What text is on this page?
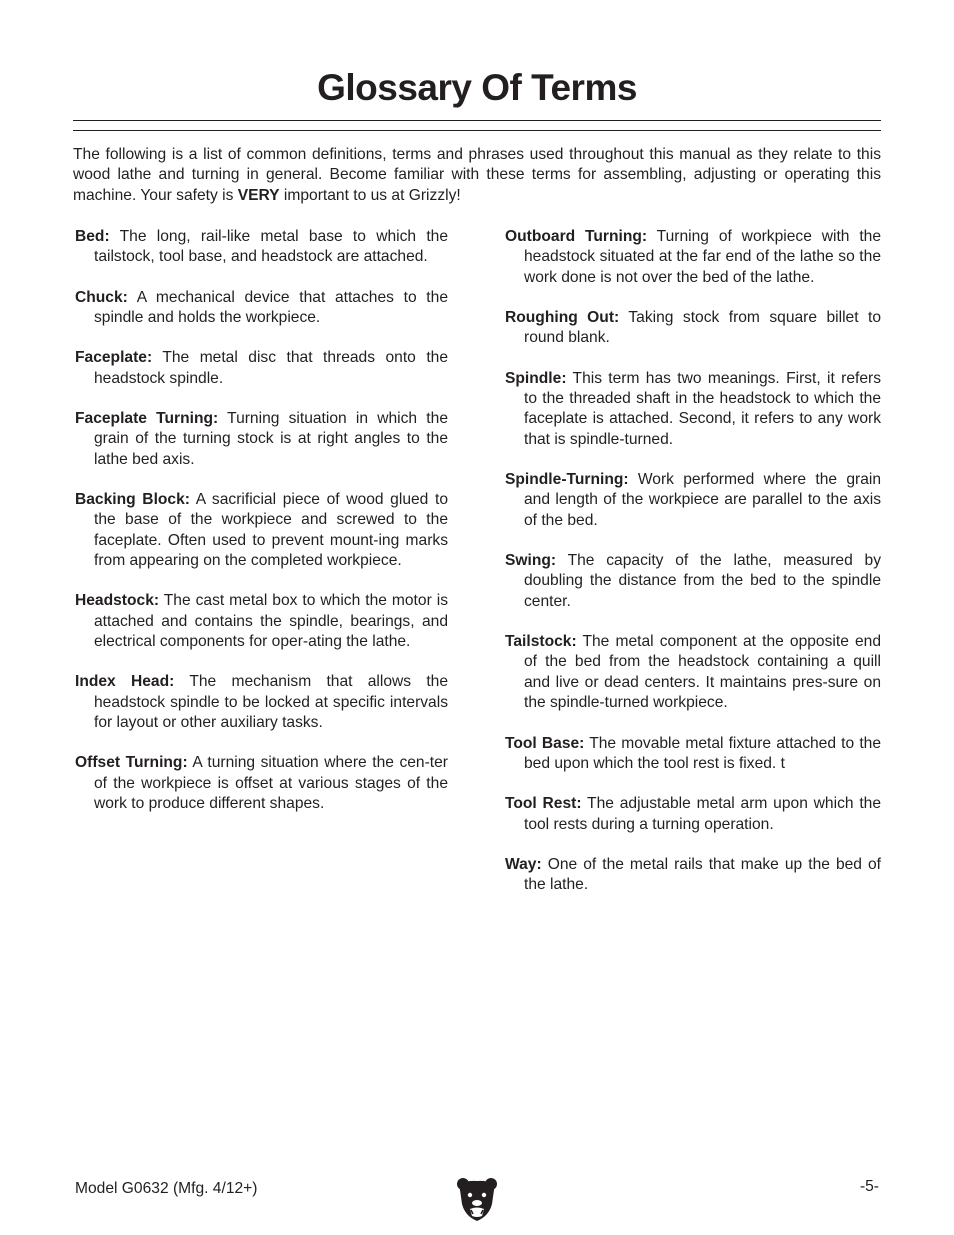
Glossary Of Terms

The following is a list of common definitions, terms and phrases used throughout this manual as they relate to this wood lathe and turning in general. Become familiar with these terms for assembling, adjusting or operating this machine. Your safety is VERY important to us at Grizzly!

Bed: The long, rail-like metal base to which the tailstock, tool base, and headstock are attached.

Chuck: A mechanical device that attaches to the spindle and holds the workpiece.

Faceplate: The metal disc that threads onto the headstock spindle.

Faceplate Turning: Turning situation in which the grain of the turning stock is at right angles to the lathe bed axis.

Backing Block: A sacrificial piece of wood glued to the base of the workpiece and screwed to the faceplate. Often used to prevent mount-ing marks from appearing on the completed workpiece.

Headstock: The cast metal box to which the motor is attached and contains the spindle, bearings, and electrical components for oper-ating the lathe.

Index Head: The mechanism that allows the headstock spindle to be locked at specific intervals for layout or other auxiliary tasks.

Offset Turning: A turning situation where the cen-ter of the workpiece is offset at various stages of the work to produce different shapes.

Outboard Turning: Turning of workpiece with the headstock situated at the far end of the lathe so the work done is not over the bed of the lathe.

Roughing Out: Taking stock from square billet to round blank.

Spindle: This term has two meanings. First, it refers to the threaded shaft in the headstock to which the faceplate is attached. Second, it refers to any work that is spindle-turned.

Spindle-Turning: Work performed where the grain and length of the workpiece are parallel to the axis of the bed.

Swing: The capacity of the lathe, measured by doubling the distance from the bed to the spindle center.

Tailstock: The metal component at the opposite end of the bed from the headstock containing a quill and live or dead centers. It maintains pres-sure on the spindle-turned workpiece.

Tool Base: The movable metal fixture attached to the bed upon which the tool rest is fixed. t

Tool Rest: The adjustable metal arm upon which the tool rests during a turning operation.

Way: One of the metal rails that make up the bed of the lathe.

Model G0632 (Mfg. 4/12+)	-5-
